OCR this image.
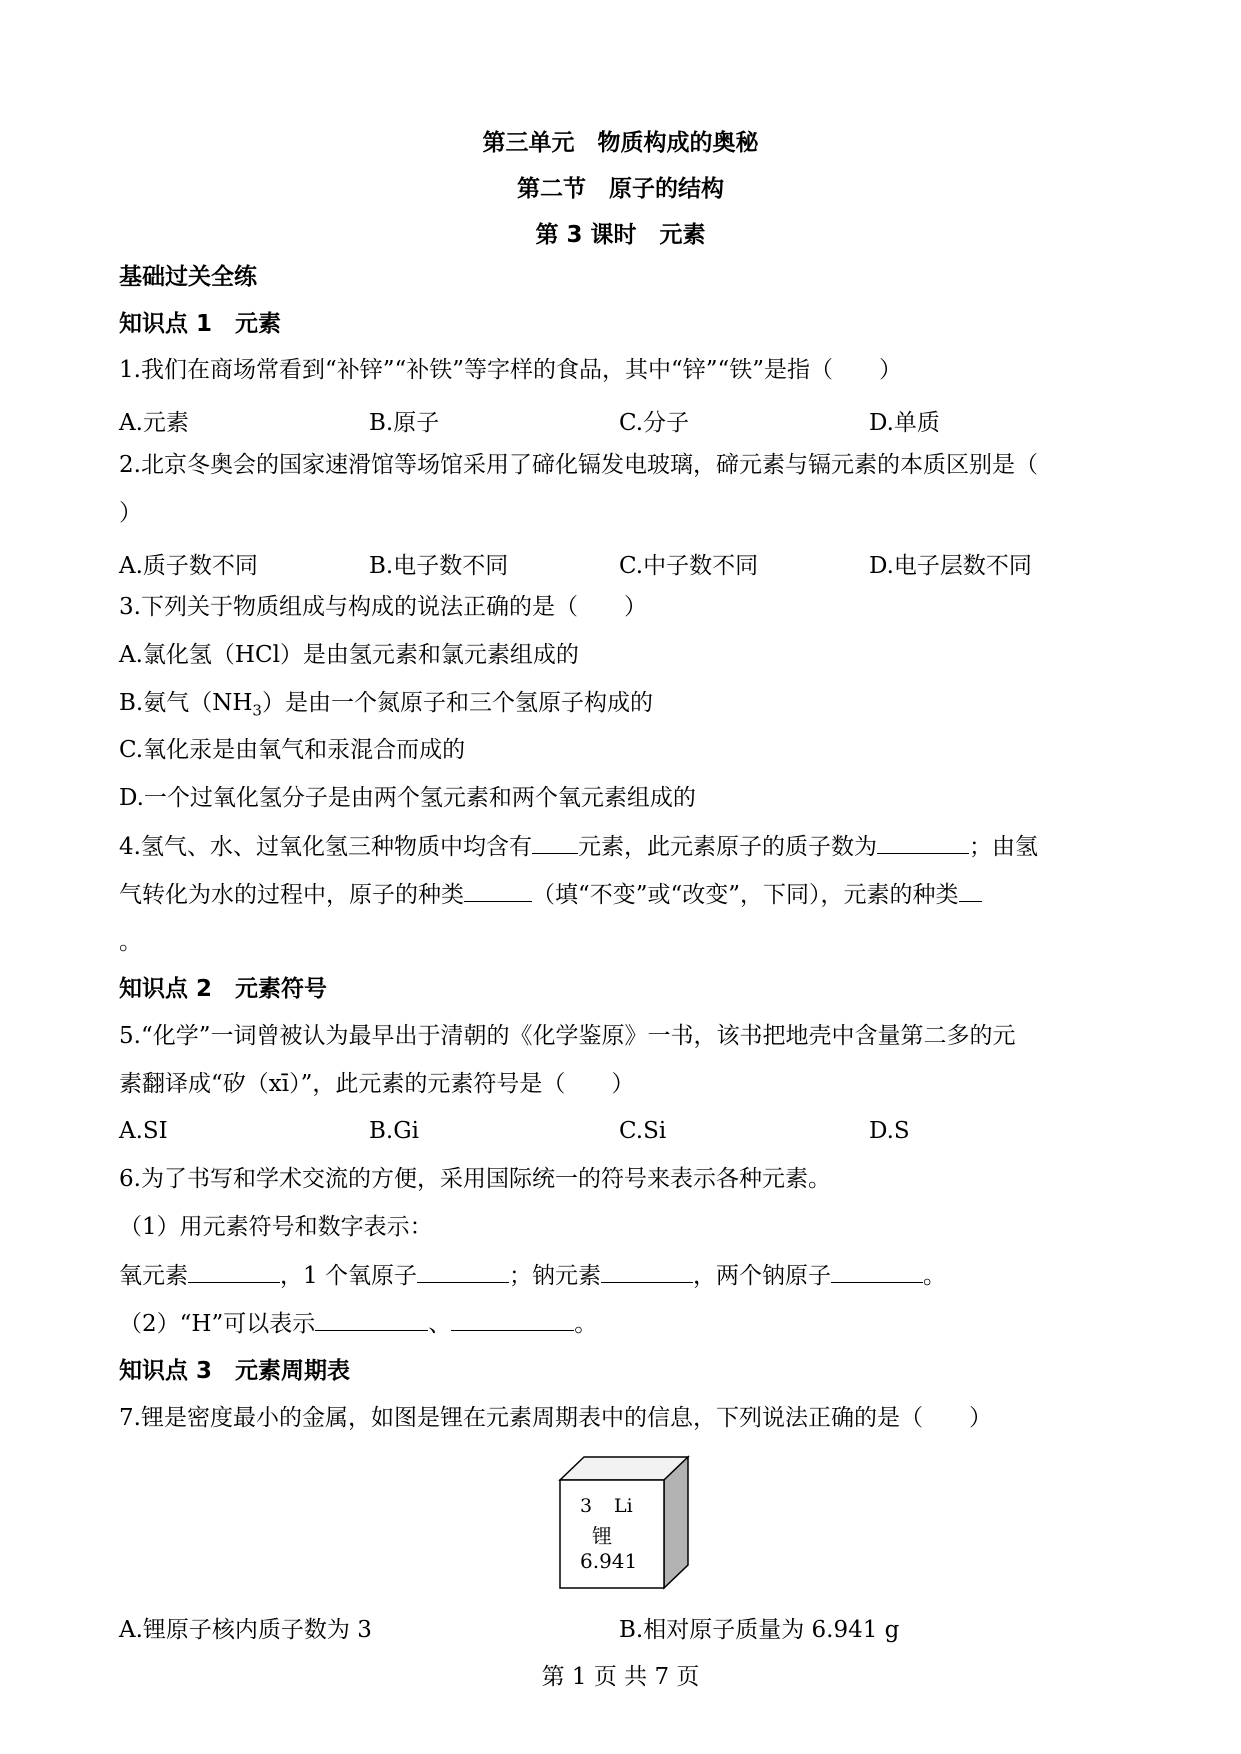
第三单元　物质构成的奥秘
第二节　原子的结构
第 3 课时　元素
基础过关全练
知识点 1　元素
1.我们在商场常看到“补锌”“补铁”等字样的食品，其中“锌”“铁”是指（　　）
A.元素	B.原子	C.分子	D.单质
2.北京冬奥会的国家速滑馆等场馆采用了碲化镉发电玻璃，碲元素与镉元素的本质区别是（
）
A.质子数不同	B.电子数不同	C.中子数不同	D.电子层数不同
3.下列关于物质组成与构成的说法正确的是（　　）
A.氯化氢（HCl）是由氢元素和氯元素组成的
B.氨气$(NH_3)$是由一个氮原子和三个氢原子构成的
C.氧化汞是由氧气和汞混合而成的
D.一个过氧化氢分子是由两个氢元素和两个氧元素组成的
4.氢气、水、过氧化氢三种物质中均含有 元素，此元素原子的质子数为	；由氢
气转化为水的过程中，原子的种类	（填“不变”或“改变”，下同），元素的种类
。
知识点 2　元素符号
5.“化学”一词曾被认为最早出于清朝的《化学鉴原》一书，该书把地壳中含量第二多的元
素翻译成“矽（xī）”，此元素的元素符号是（　　）
A.SI	B.Gi	C.Si	D.S
6.为了书写和学术交流的方便，采用国际统一的符号来表示各种元素。
（1）用元素符号和数字表示：
氧元素	，1 个氧原子	；钠元素	，两个钠原子	。
（2）“H”可以表示	、	。
知识点 3　元素周期表
7.锂是密度最小的金属，如图是锂在元素周期表中的信息，下列说法正确的是（　　）
3 Li
锂
6.941
A.锂原子核内质子数为 3	B.相对原子质量为 6.941 g
第 1 页 共 7 页
